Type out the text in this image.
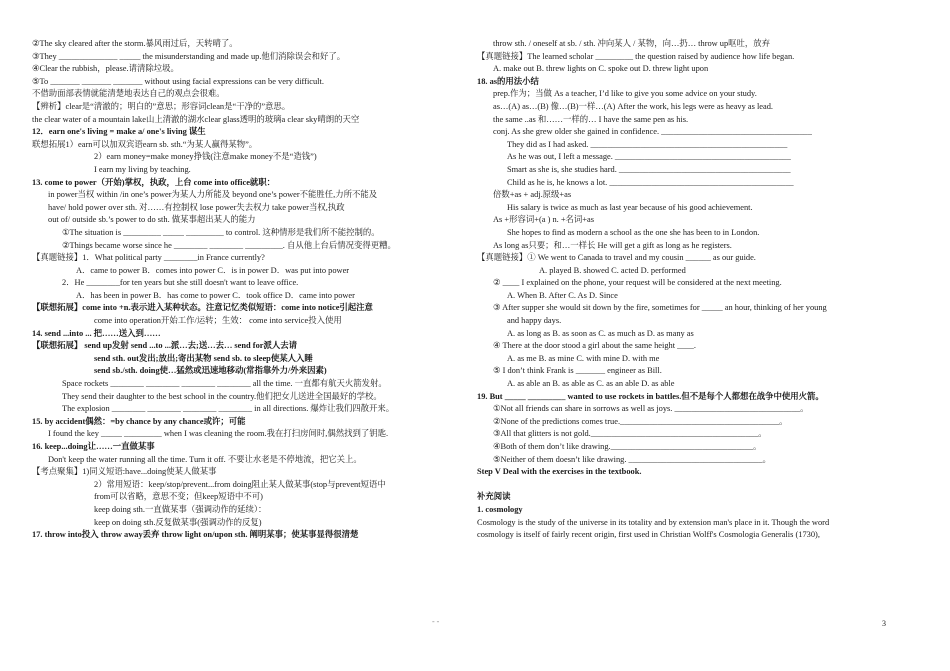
②The sky cleared after the storm.暴风雨过后，天转晴了。
③They ______________ _____ the misunderstanding and made up.他们消除误会和好了。
④Clear the rubbish，please.请清除垃圾。
⑤To _______ _______ _______ without using facial expressions can be very difficult.
不借助面部表情就能清楚地表达自己的观点会很难。
【辨析】clear是“清澈的；明白的”意思；形容词clean是“干净的”意思。
the clear water of a mountain lake山上清澈的湖水clear glass透明的玻璃a clear sky晴朗的天空
12．earn one's living = make a/ one's living 谋生
联想拓展1）earn可以加双宾语earn sb. sth.“为某人赢得某物”。
2）earn money=make money挣钱(注意make money不是“造钱”)
I earn my living by teaching.
13. come to power（开始)掌权，执政，上台 come into office就职：
in power当权 within /in one’s power为某人力所能及 beyond one’s power不能胜任,力所不能及
have/ hold power over sth. 对……有控制权 lose power失去权力 take power当权,执政
out of/ outside sb.’s power to do sth. 做某事超出某人的能力
①The situation is _________ _____ _________ to control. 这种情形是我们所不能控制的。
②Things became worse since he ________ ________ _________. 自从他上台后情况变得更糟。
【真题链接】1．What political party ________in France currently?
A．came to power B．comes into power C．is in power D．was put into power
2．He ________for ten years but she still doesn't want to leave office.
A．has been in power B．has come to power C．took office D．came into power
【联想拓展】come into +n.表示进入某种状态。注意记忆类似短语：come into notice引起注意
come into operation开始工作/运转；生效： come into service投入使用
14. send ...into ... 把……送入到……
【联想拓展】 send up发射 send ...to ...派…去;送…去… send for派人去请
send sth. out发出;放出;寄出某物 send sb. to sleep使某人入睡
send sb./sth. doing使…猛然或迅速地移动(常指靠外力/外来因素)
Space rockets ________ ________ ________ ________ all the time. 一直都有航天火箭发射。
They send their daughter to the best school in the country.他们把女儿送进全国最好的学校。
The explosion ________ ________ ________ ________ in all directions. 爆炸让我们四散开来。
15. by accident偶然：=by chance by any chance或许；可能
I found the key _____ _________ when I was cleaning the room.我在打扫房间时,偶然找到了钥匙.
16. keep...doing让……一直做某事
Don't keep the water running all the time. Turn it off. 不要让水老是不停地流，把它关上。
【考点聚集】1)同义短语:have...doing使某人做某事
2）常用短语：keep/stop/prevent...from doing阻止某人做某事(stop与prevent短语中
from可以省略，意思不变；但keep短语中不可)
keep doing sth.一直做某事（强调动作的延续）：
keep on doing sth.反复做某事(强调动作的反复)
17. throw into投入 throw away丢弃 throw light on/upon sth. 阐明某事；使某事显得很清楚
throw sth. / oneself at sb. / sth. 冲向某人 / 某物，向…扔… throw up呕吐，放弃
【真题链接】The learned scholar _________ the question raised by audience how life began.
A. make out B. threw lights on C. spoke out D. threw light upon
18. as的用法小结
prep.作为；当做 As a teacher, I’d like to give you some advice on your study.
as…(A) as…(B) 像…(B)一样…(A) After the work, his legs were as heavy as lead.
the same ..as 和……一样的… I have the same pen as his.
conj. As she grew older she gained in confidence. ____________________________________
They did as I had asked. _______________________________________________
As he was out, I left a message. __________________________________________
Smart as she is, she studies hard. _________________________________________
Child as he is, he knows a lot. ____________________________________________
倍数+as + adj.原级+as
His salary is twice as much as last year because of his good achievement.
As +形容词+(a ) n. +名词+as
She hopes to find as modern a school as the one she has been to in London.
As long as只要；和…一样长 He will get a gift as long as he registers.
【真题链接】① We went to Canada to travel and my cousin ______ as our guide.
A. played B. showed C. acted D. performed
② ____ I explained on the phone, your request will be considered at the next meeting.
A. When B. After C. As D. Since
③ After supper she would sit down by the fire, sometimes for _____ an hour, thinking of her young
and happy days.
A. as long as B. as soon as C. as much as D. as many as
④ There at the door stood a girl about the same height ____.
A. as me B. as mine C. with mine D. with me
⑤ I don’t think Frank is _______ engineer as Bill.
A. as able an B. as able as C. as an able D. as able
19. But _____ _________ wanted to use rockets in battles.但不是每个人都想在战争中使用火箭。
①Not all friends can share in sorrows as well as joys. ______________________________。
②None of the predictions comes true.______________________________________。
③All that glitters is not gold.________________________________________。
④Both of them don’t like drawing.__________________________________。
⑤Neither of them doesn’t like drawing. ________________________________。
Step V Deal with the exercises in the textbook.

补充阅读
1. cosmology
Cosmology is the study of the universe in its totality and by extension man's place in it. Though the word
cosmology is itself of fairly recent origin, first used in Christian Wolff's Cosmologia Generalis (1730),
- -	3
